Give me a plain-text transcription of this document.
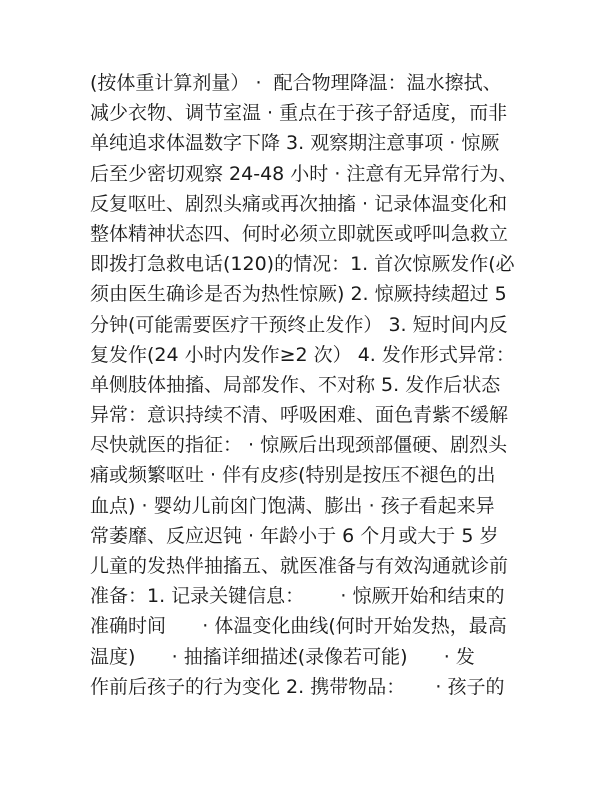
(按体重计算剂量） ·  配合物理降温：温水擦拭、
减少衣物、调节室温 · 重点在于孩子舒适度，而非
单纯追求体温数字下降 3. 观察期注意事项 · 惊厥
后至少密切观察 24-48 小时 · 注意有无异常行为、
反复呕吐、剧烈头痛或再次抽搐 · 记录体温变化和
整体精神状态四、何时必须立即就医或呼叫急救立
即拨打急救电话(120)的情况：1. 首次惊厥发作(必
须由医生确诊是否为热性惊厥) 2. 惊厥持续超过 5
分钟(可能需要医疗干预终止发作） 3. 短时间内反
复发作(24 小时内发作≥2 次） 4. 发作形式异常：
单侧肢体抽搐、局部发作、不对称 5. 发作后状态
异常：意识持续不清、呼吸困难、面色青紫不缓解
尽快就医的指征： · 惊厥后出现颈部僵硬、剧烈头
痛或频繁呕吐 · 伴有皮疹(特别是按压不褪色的出
血点) · 婴幼儿前囟门饱满、膨出 · 孩子看起来异
常萎靡、反应迟钝 · 年龄小于 6 个月或大于 5 岁
儿童的发热伴抽搐五、就医准备与有效沟通就诊前
准备：1. 记录关键信息：      · 惊厥开始和结束的
准确时间      · 体温变化曲线(何时开始发热，最高
温度)      · 抽搐详细描述(录像若可能)      · 发
作前后孩子的行为变化 2. 携带物品：     · 孩子的
